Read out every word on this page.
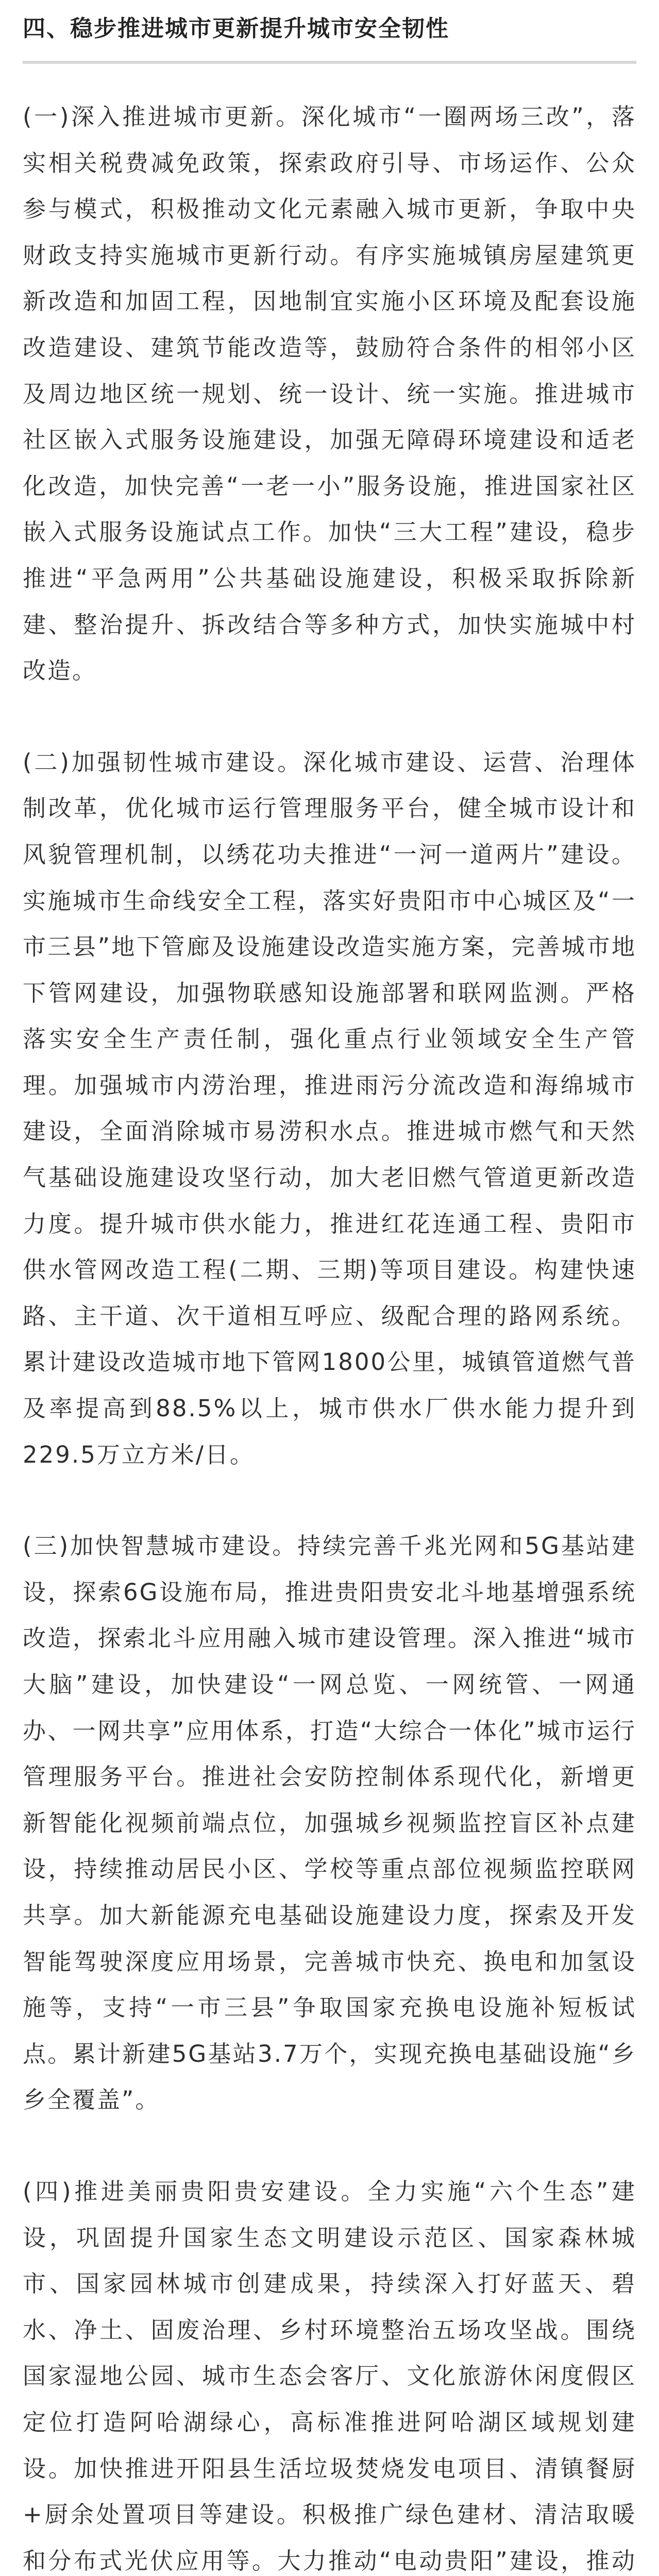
四、稳步推进城市更新提升城市安全韧性

(一)深入推进城市更新。深化城市“一圈两场三改”，落实相关税费减免政策，探索政府引导、市场运作、公众参与模式，积极推动文化元素融入城市更新，争取中央财政支持实施城市更新行动。有序实施城镇房屋建筑更新改造和加固工程，因地制宜实施小区环境及配套设施改造建设、建筑节能改造等，鼓励符合条件的相邻小区及周边地区统一规划、统一设计、统一实施。推进城市社区嵌入式服务设施建设，加强无障碍环境建设和适老化改造，加快完善“一老一小”服务设施，推进国家社区嵌入式服务设施试点工作。加快“三大工程”建设，稳步推进“平急两用”公共基础设施建设，积极采取拆除新建、整治提升、拆改结合等多种方式，加快实施城中村改造。

(二)加强韧性城市建设。深化城市建设、运营、治理体制改革，优化城市运行管理服务平台，健全城市设计和风貌管理机制，以绣花功夫推进“一河一道两片”建设。实施城市生命线安全工程，落实好贵阳市中心城区及“一市三县”地下管廊及设施建设改造实施方案，完善城市地下管网建设，加强物联感知设施部署和联网监测。严格落实安全生产责任制，强化重点行业领域安全生产管理。加强城市内涝治理，推进雨污分流改造和海绵城市建设，全面消除城市易涝积水点。推进城市燃气和天然气基础设施建设攻坚行动，加大老旧燃气管道更新改造力度。提升城市供水能力，推进红花连通工程、贵阳市供水管网改造工程(二期、三期)等项目建设。构建快速路、主干道、次干道相互呼应、级配合理的路网系统。累计建设改造城市地下管网1800公里，城镇管道燃气普及率提高到88.5%以上，城市供水厂供水能力提升到229.5万立方米/日。

(三)加快智慧城市建设。持续完善千兆光网和5G基站建设，探索6G设施布局，推进贵阳贵安北斗地基增强系统改造，探索北斗应用融入城市建设管理。深入推进“城市大脑”建设，加快建设“一网总览、一网统管、一网通办、一网共享”应用体系，打造“大综合一体化”城市运行管理服务平台。推进社会安防控制体系现代化，新增更新智能化视频前端点位，加强城乡视频监控盲区补点建设，持续推动居民小区、学校等重点部位视频监控联网共享。加大新能源充电基础设施建设力度，探索及开发智能驾驶深度应用场景，完善城市快充、换电和加氢设施等，支持“一市三县”争取国家充换电设施补短板试点。累计新建5G基站3.7万个，实现充换电基础设施“乡乡全覆盖”。

(四)推进美丽贵阳贵安建设。全力实施“六个生态”建设，巩固提升国家生态文明建设示范区、国家森林城市、国家园林城市创建成果，持续深入打好蓝天、碧水、净土、固废治理、乡村环境整治五场攻坚战。围绕国家湿地公园、城市生态会客厅、文化旅游休闲度假区定位打造阿哈湖绿心，高标准推进阿哈湖区域规划建设。加快推进开阳县生活垃圾焚烧发电项目、清镇餐厨+厨余处置项目等建设。积极推广绿色建材、清洁取暖和分布式光伏应用等。大力推动“电动贵阳”建设，推动
